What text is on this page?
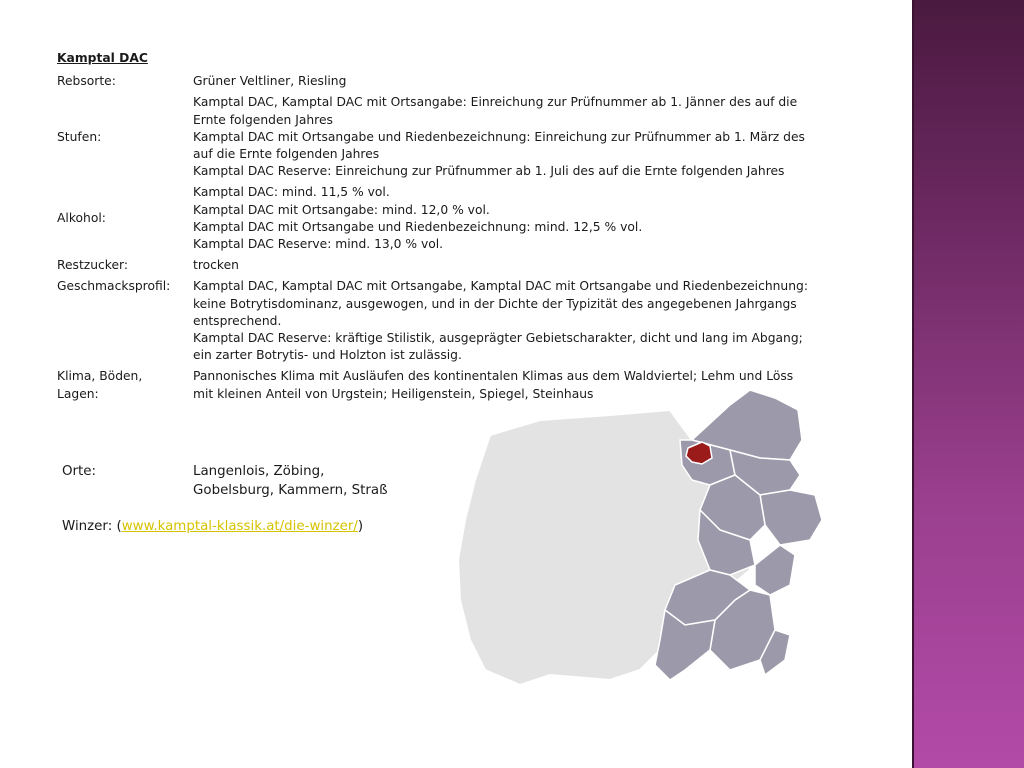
Kamptal DAC
Rebsorte:	Grüner Veltliner, Riesling
Stufen:
Kamptal DAC, Kamptal DAC mit Ortsangabe: Einreichung zur Prüfnummer ab 1. Jänner des auf die
Ernte folgenden Jahres
Kamptal DAC mit Ortsangabe und Riedenbezeichnung: Einreichung zur Prüfnummer ab 1. März des
auf die Ernte folgenden Jahres
Kamptal DAC Reserve: Einreichung zur Prüfnummer ab 1. Juli des auf die Ernte folgenden Jahres
Alkohol:
Kamptal DAC: mind. 11,5 % vol.
Kamptal DAC mit Ortsangabe: mind. 12,0 % vol.
Kamptal DAC mit Ortsangabe und Riedenbezeichnung: mind. 12,5 % vol.
Kamptal DAC Reserve: mind. 13,0 % vol.
Restzucker:	trocken
Geschmacksprofil:	Kamptal DAC, Kamptal DAC mit Ortsangabe, Kamptal DAC mit Ortsangabe und Riedenbezeichnung:
keine Botrytisdominanz, ausgewogen, und in der Dichte der Typizität des angegebenen Jahrgangs
entsprechend.
Kamptal DAC Reserve: kräftige Stilistik, ausgeprägter Gebietscharakter, dicht und lang im Abgang;
ein zarter Botrytis- und Holzton ist zulässig.
Klima, Böden,
Lagen:
Pannonisches Klima mit Ausläufen des kontinentalen Klimas aus dem Waldviertel; Lehm und Löss
mit kleinen Anteil von Urgstein; Heiligenstein, Spiegel, Steinhaus
Orte:	Langenlois, Zöbing,
Gobelsburg, Kammern, Straß
Winzer: (www.kamptal-klassik.at/die-winzer/)
